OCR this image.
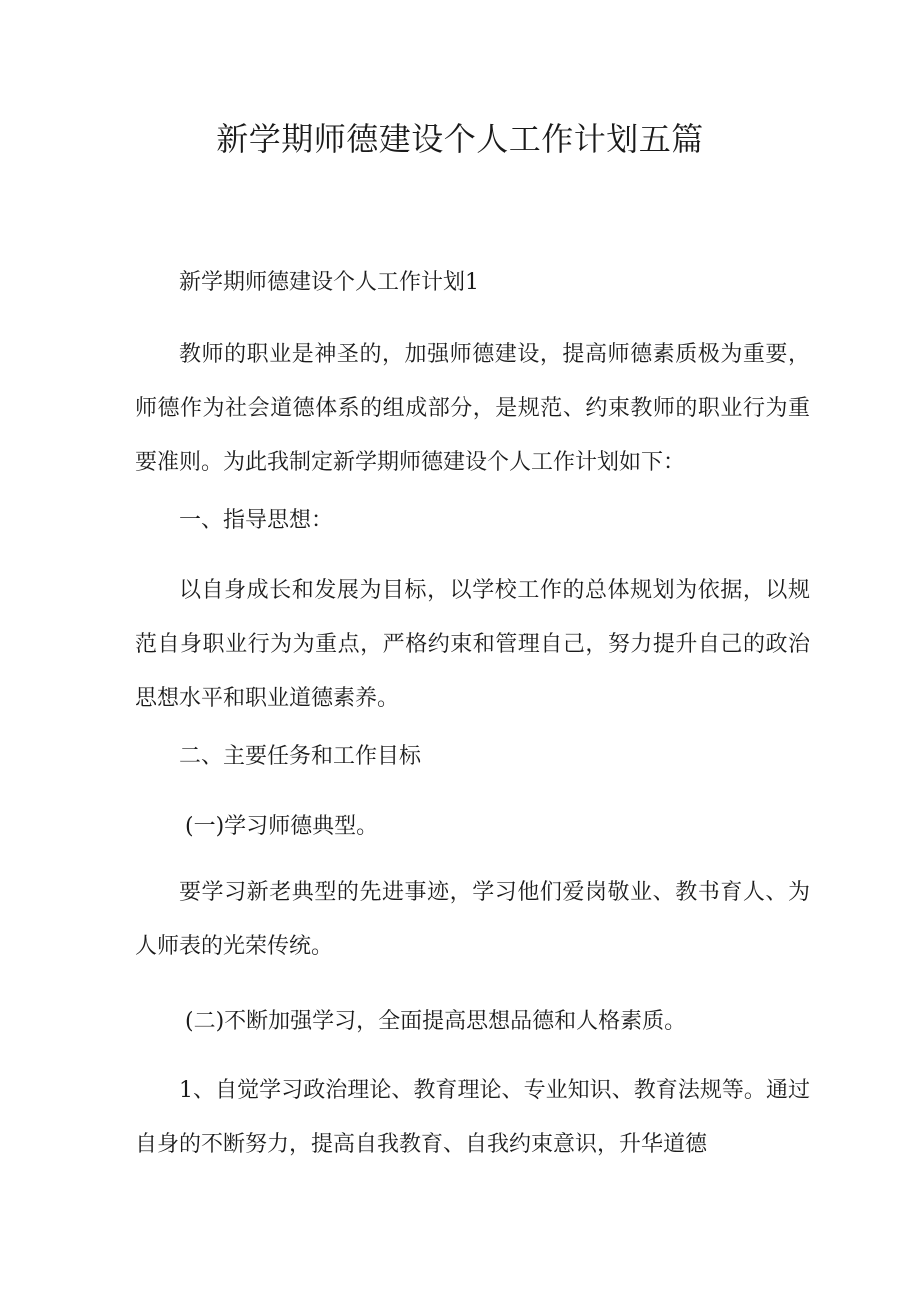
新学期师德建设个人工作计划五篇

新学期师德建设个人工作计划1

教师的职业是神圣的，加强师德建设，提高师德素质极为重要，师德作为社会道德体系的组成部分，是规范、约束教师的职业行为重要准则。为此我制定新学期师德建设个人工作计划如下：

一、指导思想：

以自身成长和发展为目标，以学校工作的总体规划为依据，以规范自身职业行为为重点，严格约束和管理自己，努力提升自己的政治思想水平和职业道德素养。

二、主要任务和工作目标

(一)学习师德典型。

要学习新老典型的先进事迹，学习他们爱岗敬业、教书育人、为人师表的光荣传统。

(二)不断加强学习，全面提高思想品德和人格素质。

1、自觉学习政治理论、教育理论、专业知识、教育法规等。通过自身的不断努力，提高自我教育、自我约束意识，升华道德
